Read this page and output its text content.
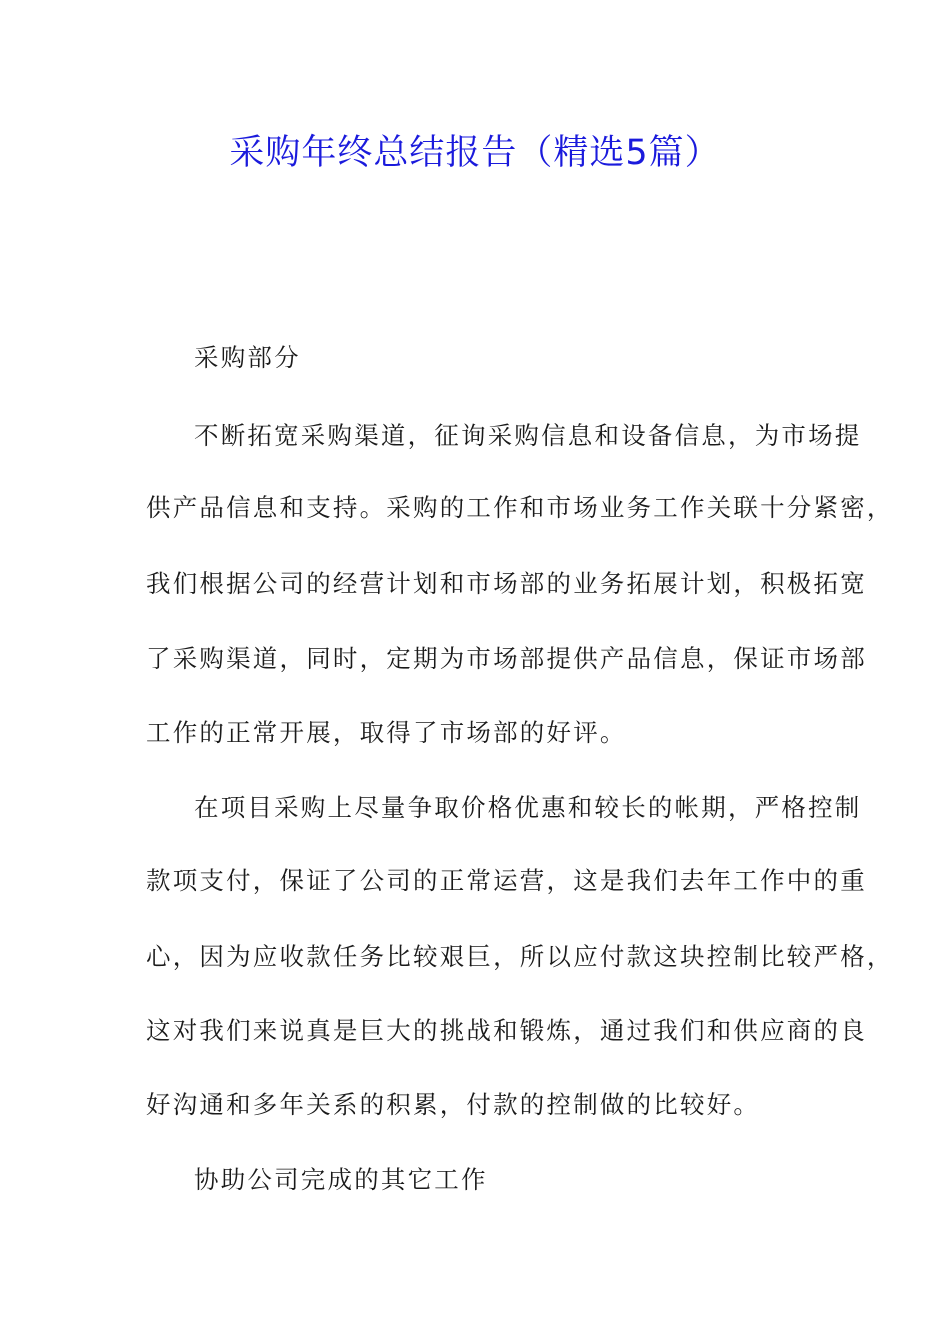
采购年终总结报告（精选5篇）
采购部分
不断拓宽采购渠道，征询采购信息和设备信息，为市场提
供产品信息和支持。采购的工作和市场业务工作关联十分紧密，
我们根据公司的经营计划和市场部的业务拓展计划，积极拓宽
了采购渠道，同时，定期为市场部提供产品信息，保证市场部
工作的正常开展，取得了市场部的好评。
在项目采购上尽量争取价格优惠和较长的帐期，严格控制
款项支付，保证了公司的正常运营，这是我们去年工作中的重
心，因为应收款任务比较艰巨，所以应付款这块控制比较严格，
这对我们来说真是巨大的挑战和锻炼，通过我们和供应商的良
好沟通和多年关系的积累，付款的控制做的比较好。
协助公司完成的其它工作
